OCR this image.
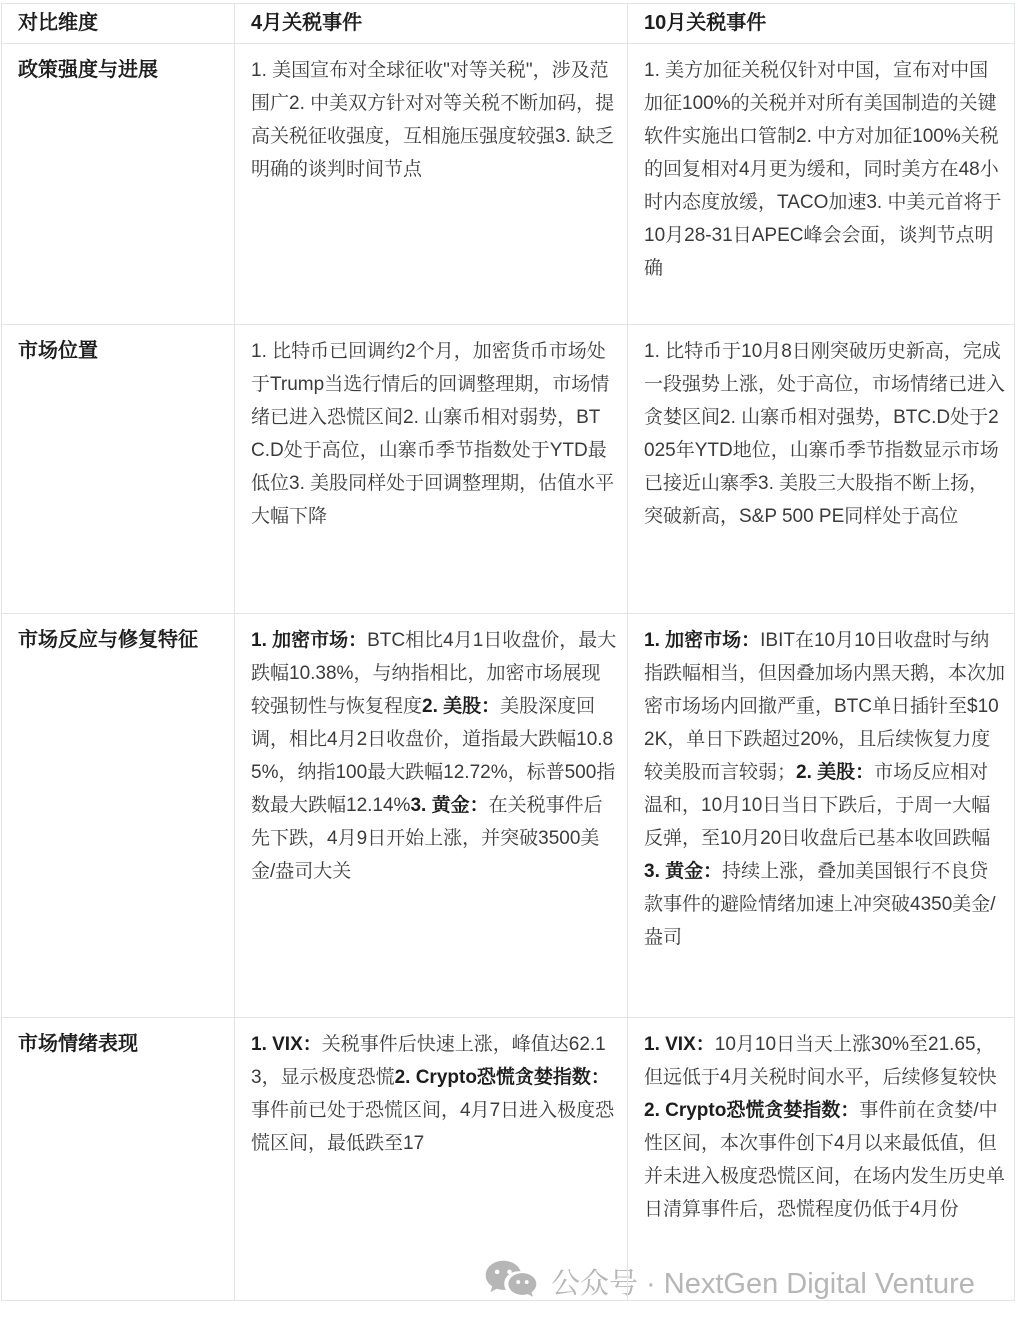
公众号 · NextGen Digital Venture
对比维度	4月关税事件	10月关税事件
政策强度与进展	1. 美国宣布对全球征收"对等关税"，涉及范围广2. 中美双方针对对等关税不断加码，提高关税征收强度，互相施压强度较强3. 缺乏明确的谈判时间节点	1. 美方加征关税仅针对中国，宣布对中国加征100%的关税并对所有美国制造的关键软件实施出口管制2. 中方对加征100%关税的回复相对4月更为缓和，同时美方在48小时内态度放缓，TACO加速3. 中美元首将于10月28-31日APEC峰会会面，谈判节点明确
市场位置	1. 比特币已回调约2个月，加密货币市场处于Trump当选行情后的回调整理期，市场情绪已进入恐慌区间2. 山寨币相对弱势，BTC.D处于高位，山寨币季节指数处于YTD最低位3. 美股同样处于回调整理期，估值水平大幅下降	1. 比特币于10月8日刚突破历史新高，完成一段强势上涨，处于高位，市场情绪已进入贪婪区间2. 山寨币相对强势，BTC.D处于2025年YTD地位，山寨币季节指数显示市场已接近山寨季3. 美股三大股指不断上扬，突破新高，S&P 500 PE同样处于高位
市场反应与修复特征	1. 加密市场：BTC相比4月1日收盘价，最大跌幅10.38%，与纳指相比，加密市场展现较强韧性与恢复程度2. 美股：美股深度回调，相比4月2日收盘价，道指最大跌幅10.85%，纳指100最大跌幅12.72%，标普500指数最大跌幅12.14%3. 黄金：在关税事件后先下跌，4月9日开始上涨，并突破3500美金/盎司大关	1. 加密市场：IBIT在10月10日收盘时与纳指跌幅相当，但因叠加场内黑天鹅，本次加密市场场内回撤严重，BTC单日插针至$102K，单日下跌超过20%，且后续恢复力度较美股而言较弱；2. 美股：市场反应相对温和，10月10日当日下跌后，于周一大幅反弹，至10月20日收盘后已基本收回跌幅3. 黄金：持续上涨，叠加美国银行不良贷款事件的避险情绪加速上冲突破4350美金/盎司
市场情绪表现	1. VIX：关税事件后快速上涨，峰值达62.13，显示极度恐慌2. Crypto恐慌贪婪指数：事件前已处于恐慌区间，4月7日进入极度恐慌区间，最低跌至17	1. VIX：10月10日当天上涨30%至21.65，但远低于4月关税时间水平，后续修复较快2. Crypto恐慌贪婪指数：事件前在贪婪/中性区间，本次事件创下4月以来最低值，但并未进入极度恐慌区间，在场内发生历史单日清算事件后，恐慌程度仍低于4月份
